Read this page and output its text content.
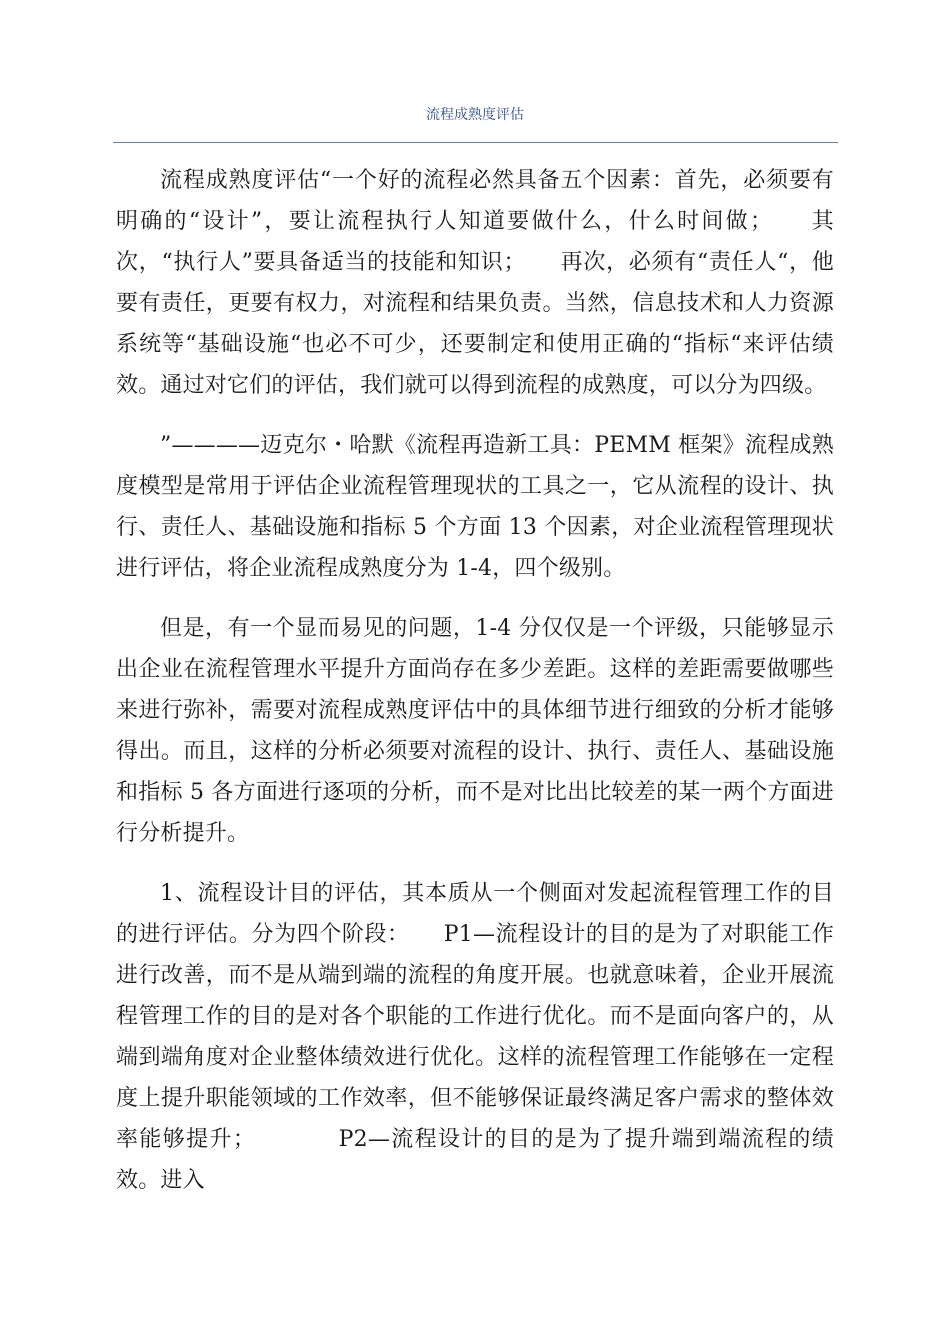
流程成熟度评估

流程成熟度评估“一个好的流程必然具备五个因素：首先，必须要有明确的“设计”，要让流程执行人知道要做什么，什么时间做；　　其次，“执行人”要具备适当的技能和知识；　　再次，必须有“责任人“，他要有责任，更要有权力，对流程和结果负责。当然，信息技术和人力资源系统等“基础设施“也必不可少，还要制定和使用正确的“指标“来评估绩效。通过对它们的评估，我们就可以得到流程的成熟度，可以分为四级。

”————迈克尔・哈默《流程再造新工具：PEMM 框架》流程成熟度模型是常用于评估企业流程管理现状的工具之一，它从流程的设计、执行、责任人、基础设施和指标 5 个方面 13 个因素，对企业流程管理现状进行评估，将企业流程成熟度分为 1-4，四个级别。

但是，有一个显而易见的问题，1-4 分仅仅是一个评级，只能够显示出企业在流程管理水平提升方面尚存在多少差距。这样的差距需要做哪些来进行弥补，需要对流程成熟度评估中的具体细节进行细致的分析才能够得出。而且，这样的分析必须要对流程的设计、执行、责任人、基础设施和指标 5 各方面进行逐项的分析，而不是对比出比较差的某一两个方面进行分析提升。

1、流程设计目的评估，其本质从一个侧面对发起流程管理工作的目的进行评估。分为四个阶段：　　P1—流程设计的目的是为了对职能工作进行改善，而不是从端到端的流程的角度开展。也就意味着，企业开展流程管理工作的目的是对各个职能的工作进行优化。而不是面向客户的，从端到端角度对企业整体绩效进行优化。这样的流程管理工作能够在一定程度上提升职能领域的工作效率，但不能够保证最终满足客户需求的整体效率能够提升；　　　　P2—流程设计的目的是为了提升端到端流程的绩效。进入
